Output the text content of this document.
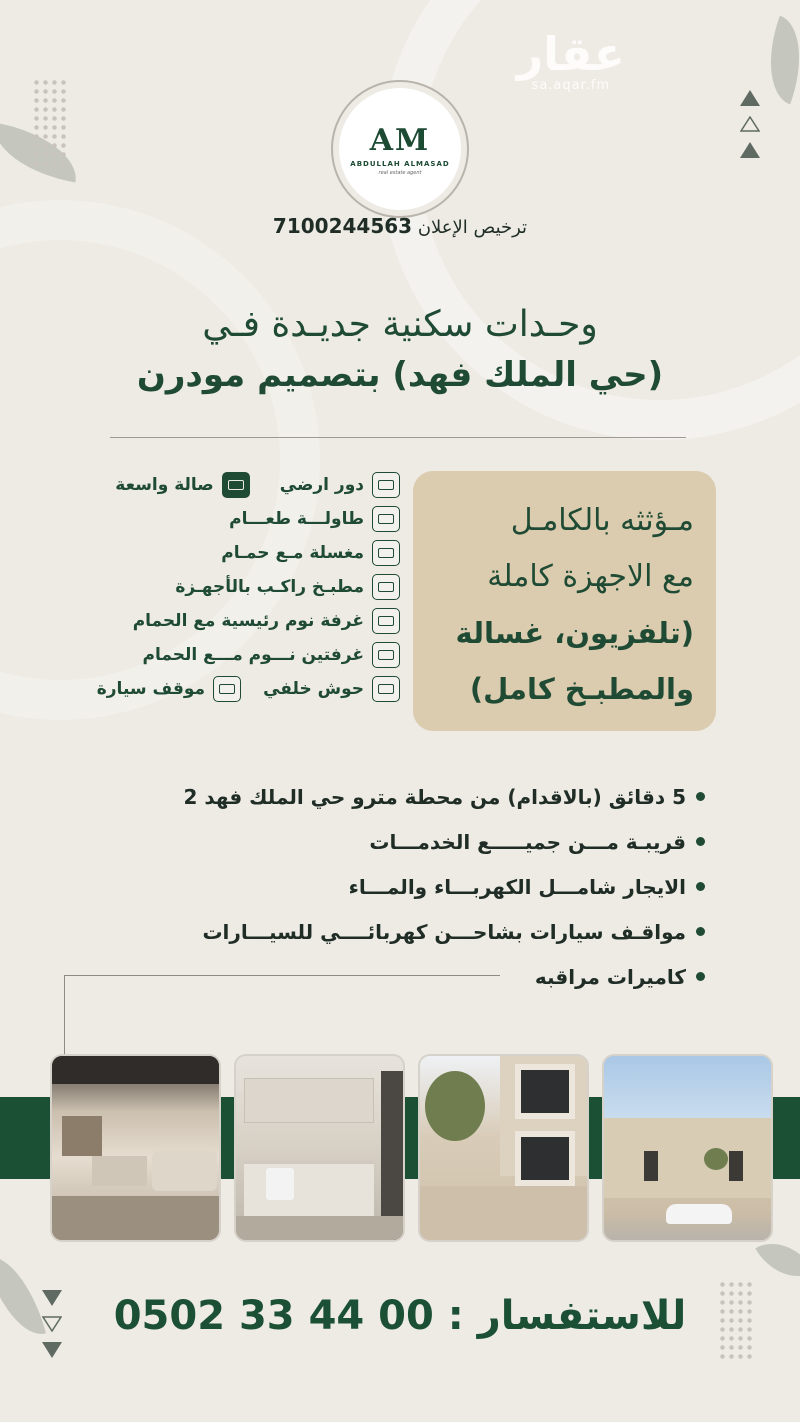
عقار
sa.aqar.fm
AM
ABDULLAH ALMASAD
real estate agent
ترخيص الإعلان 7100244563
وحـدات سكنية جديـدة فـي
(حي الملك فهد) بتصميم مودرن
مـؤثثه بالكامـل
مع الاجهزة كاملة
(تلفزيون، غسالة
والمطبـخ كامل)
دور ارضي
صالة واسعة
طاولـــة طعـــام
مغسلة مـع حمـام
مطبـخ راكـب بالأجهـزة
غرفة نوم رئيسية مع الحمام
غرفتين نـــوم مـــع الحمام
حوش خلفي
موقف سيارة
5 دقائق (بالاقدام) من محطة مترو حي الملك فهد 2
قريبـة مـــن جميـــــع الخدمـــات
الايجار شامـــل الكهربـــاء والمـــاء
مواقـف سيارات بشاحـــن كهربائــــي للسيـــارات
كاميرات مراقبه
للاستفسار : 0502 33 44 00
